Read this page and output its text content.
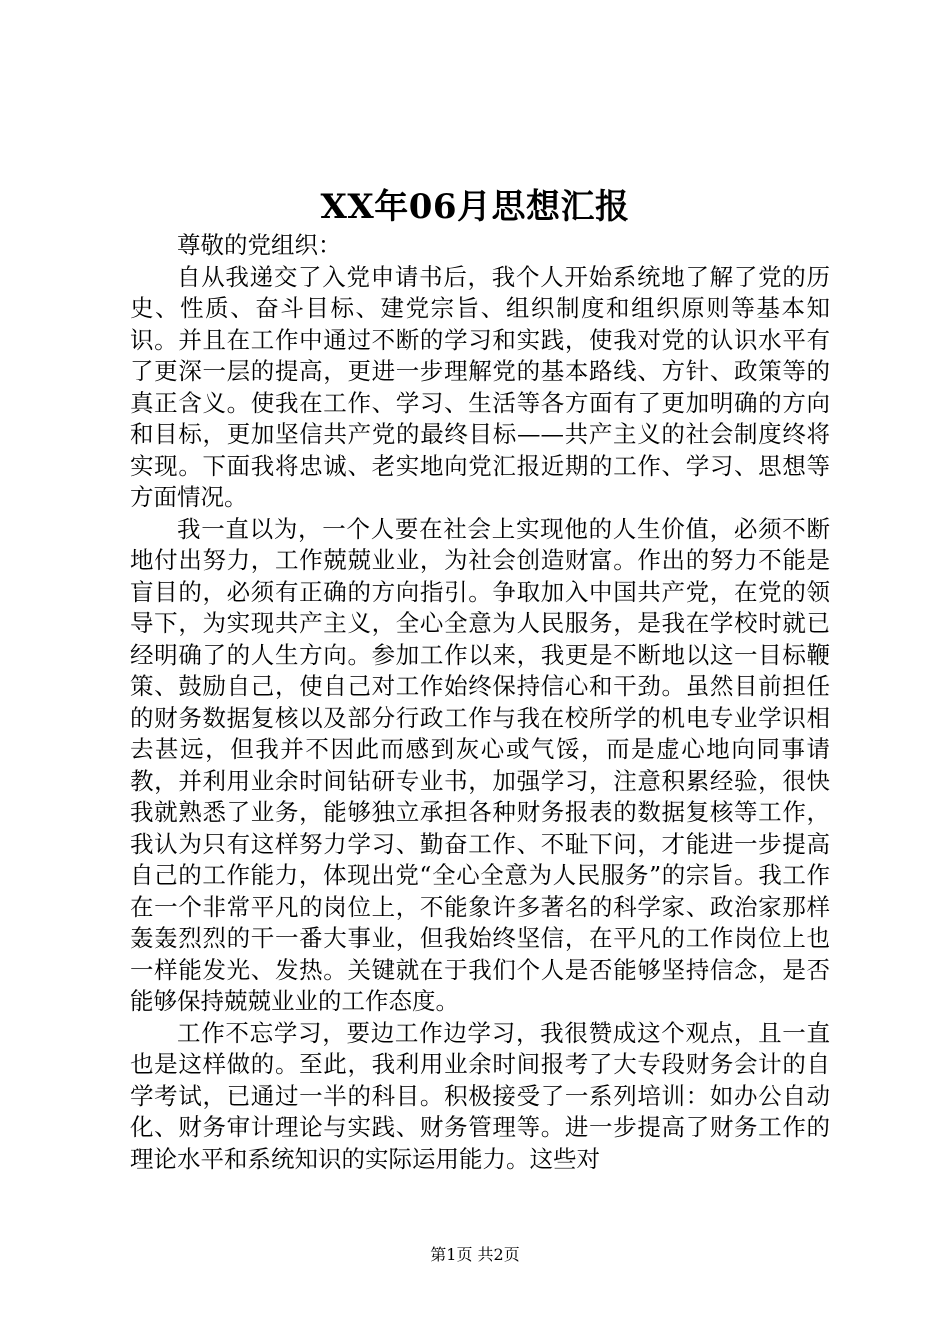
XX年06月思想汇报

尊敬的党组织：

自从我递交了入党申请书后，我个人开始系统地了解了党的历史、性质、奋斗目标、建党宗旨、组织制度和组织原则等基本知识。并且在工作中通过不断的学习和实践，使我对党的认识水平有了更深一层的提高，更进一步理解党的基本路线、方针、政策等的真正含义。使我在工作、学习、生活等各方面有了更加明确的方向和目标，更加坚信共产党的最终目标——共产主义的社会制度终将实现。下面我将忠诚、老实地向党汇报近期的工作、学习、思想等方面情况。

我一直以为，一个人要在社会上实现他的人生价值，必须不断地付出努力，工作兢兢业业，为社会创造财富。作出的努力不能是盲目的，必须有正确的方向指引。争取加入中国共产党，在党的领导下，为实现共产主义，全心全意为人民服务，是我在学校时就已经明确了的人生方向。参加工作以来，我更是不断地以这一目标鞭策、鼓励自己，使自己对工作始终保持信心和干劲。虽然目前担任的财务数据复核以及部分行政工作与我在校所学的机电专业学识相去甚远，但我并不因此而感到灰心或气馁，而是虚心地向同事请教，并利用业余时间钻研专业书，加强学习，注意积累经验，很快我就熟悉了业务，能够独立承担各种财务报表的数据复核等工作，我认为只有这样努力学习、勤奋工作、不耻下问，才能进一步提高自己的工作能力，体现出党“全心全意为人民服务”的宗旨。我工作在一个非常平凡的岗位上，不能象许多著名的科学家、政治家那样轰轰烈烈的干一番大事业，但我始终坚信，在平凡的工作岗位上也一样能发光、发热。关键就在于我们个人是否能够坚持信念，是否能够保持兢兢业业的工作态度。

工作不忘学习，要边工作边学习，我很赞成这个观点，且一直也是这样做的。至此，我利用业余时间报考了大专段财务会计的自学考试，已通过一半的科目。积极接受了一系列培训：如办公自动化、财务审计理论与实践、财务管理等。进一步提高了财务工作的理论水平和系统知识的实际运用能力。这些对

第1页 共2页
